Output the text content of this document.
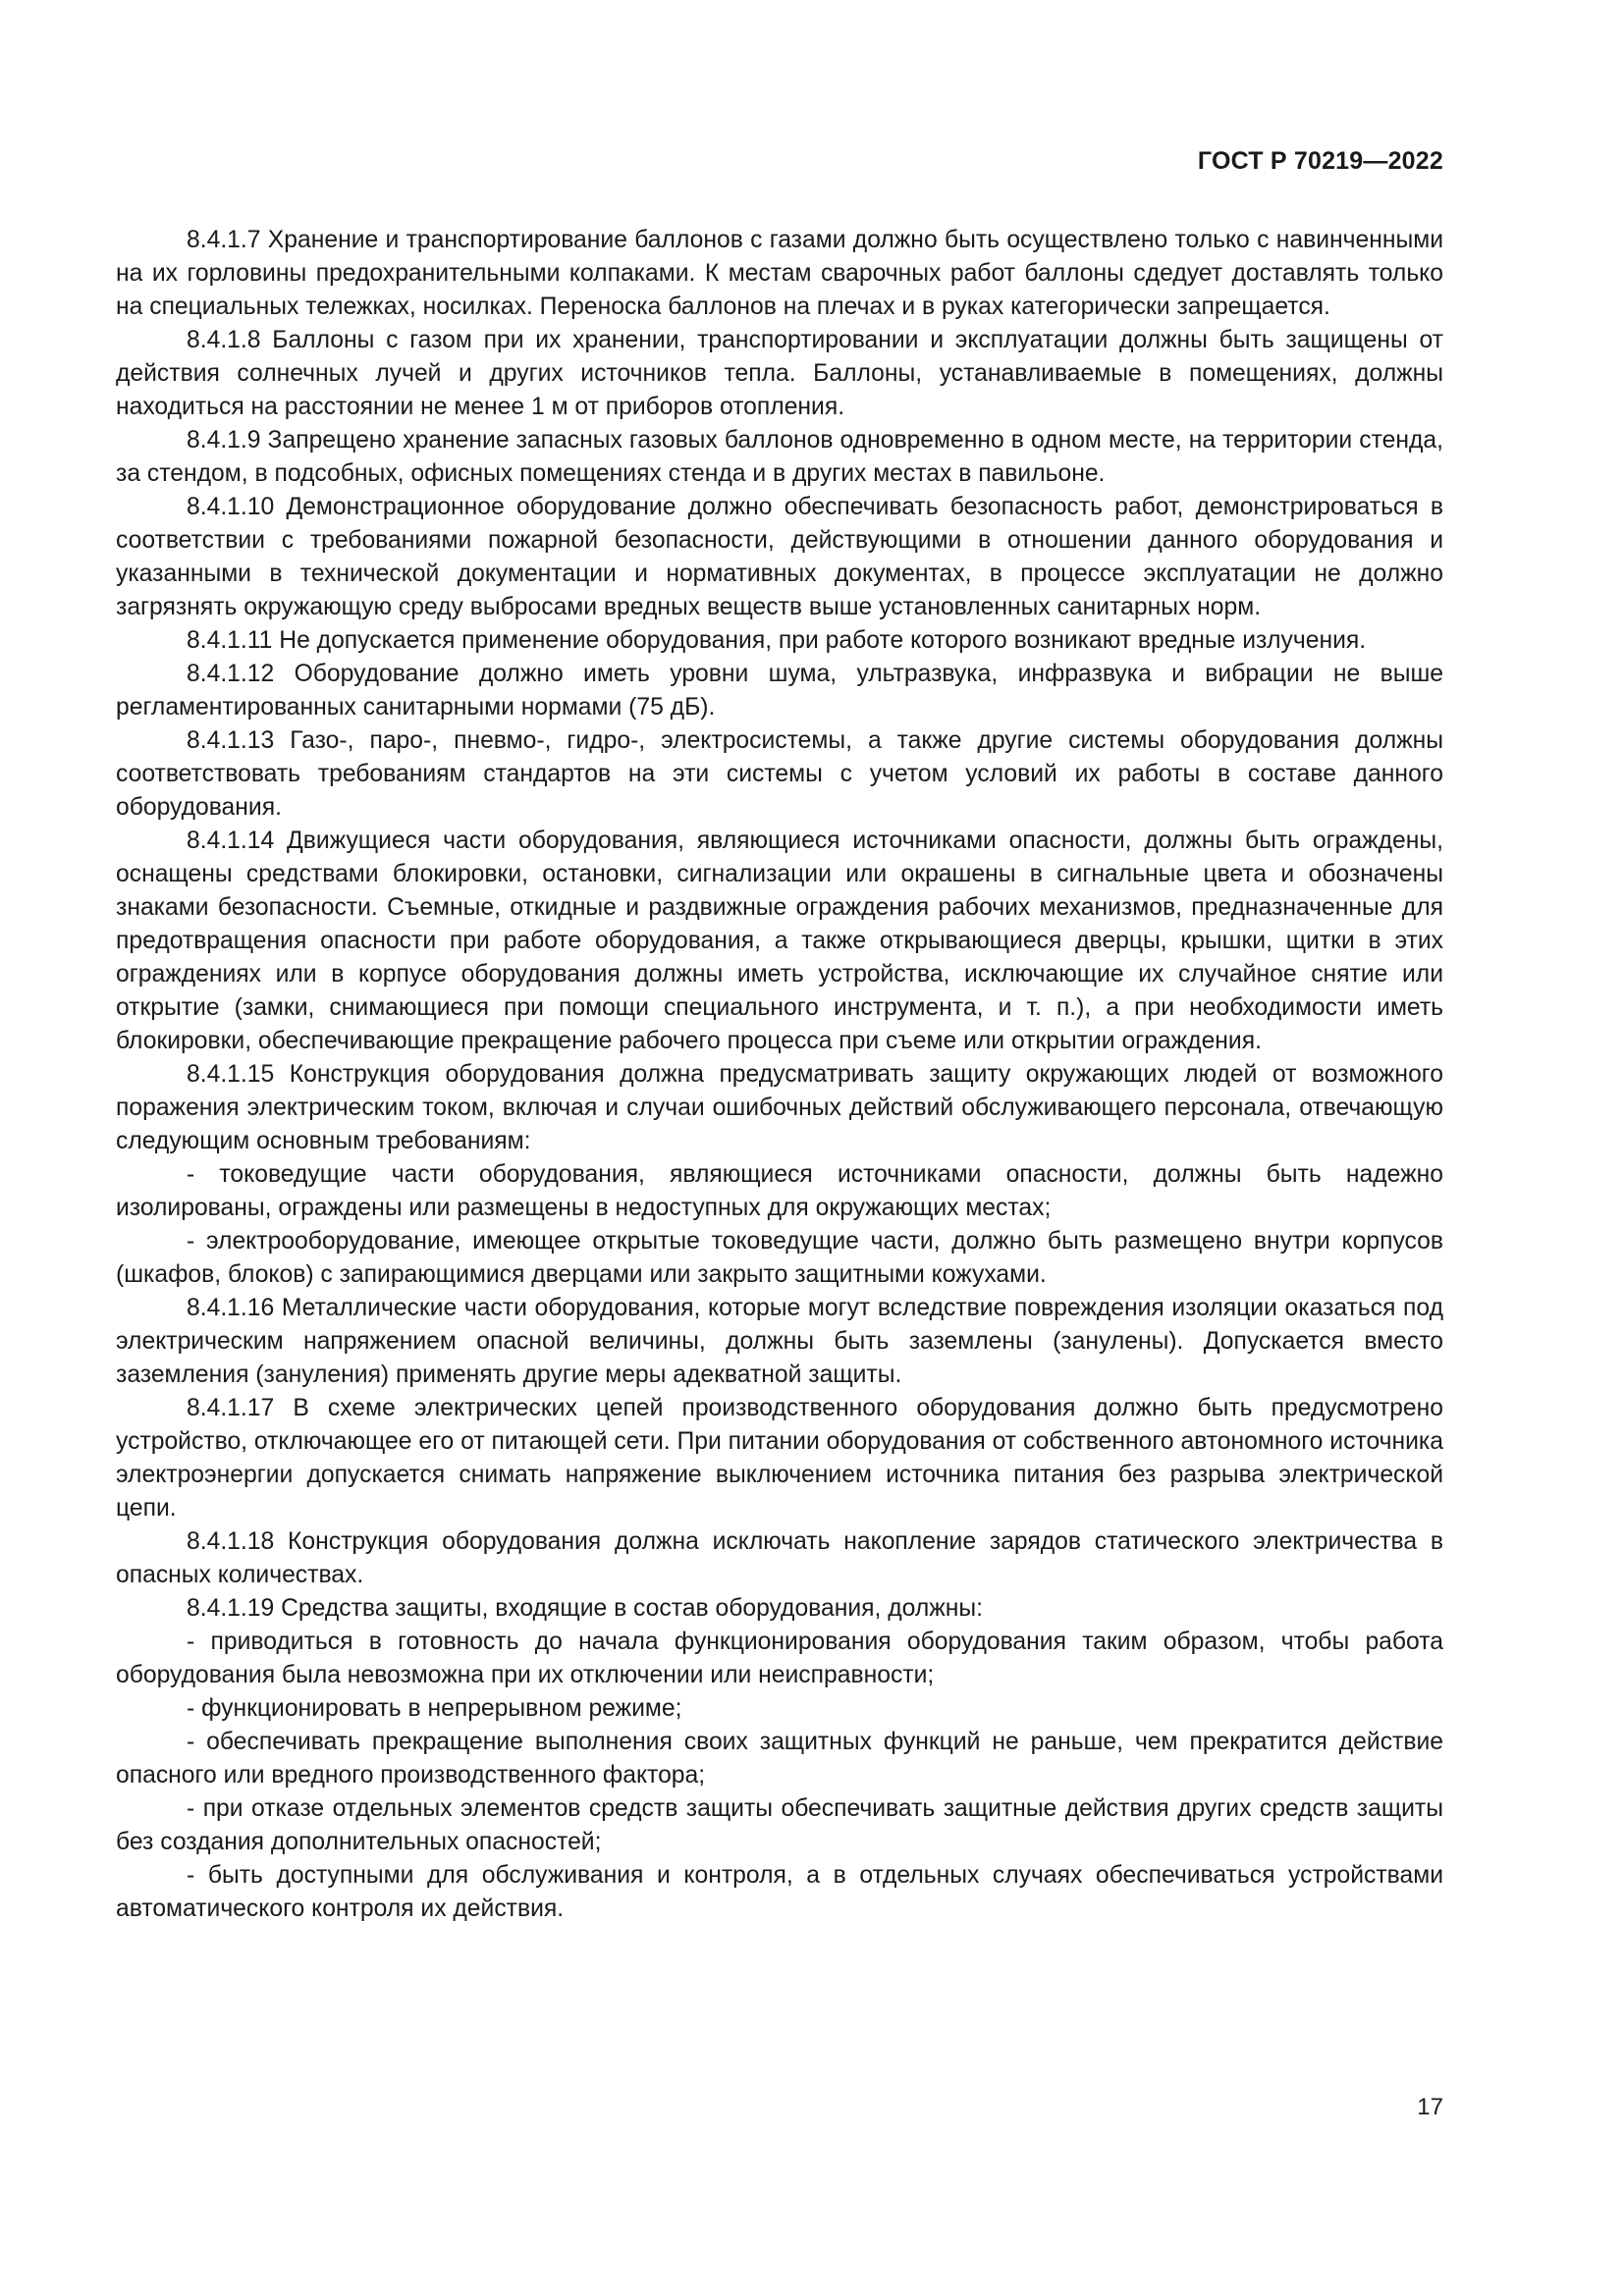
ГОСТ Р 70219—2022

8.4.1.7 Хранение и транспортирование баллонов с газами должно быть осуществлено только с навинченными на их горловины предохранительными колпаками. К местам сварочных работ баллоны сдедует доставлять только на специальных тележках, носилках. Переноска баллонов на плечах и в руках категорически запрещается.

8.4.1.8 Баллоны с газом при их хранении, транспортировании и эксплуатации должны быть защищены от действия солнечных лучей и других источников тепла. Баллоны, устанавливаемые в помещениях, должны находиться на расстоянии не менее 1 м от приборов отопления.

8.4.1.9 Запрещено хранение запасных газовых баллонов одновременно в одном месте, на территории стенда, за стендом, в подсобных, офисных помещениях стенда и в других местах в павильоне.

8.4.1.10 Демонстрационное оборудование должно обеспечивать безопасность работ, демонстрироваться в соответствии с требованиями пожарной безопасности, действующими в отношении данного оборудования и указанными в технической документации и нормативных документах, в процессе эксплуатации не должно загрязнять окружающую среду выбросами вредных веществ выше установленных санитарных норм.

8.4.1.11 Не допускается применение оборудования, при работе которого возникают вредные излучения.

8.4.1.12 Оборудование должно иметь уровни шума, ультразвука, инфразвука и вибрации не выше регламентированных санитарными нормами (75 дБ).

8.4.1.13 Газо-, паро-, пневмо-, гидро-, электросистемы, а также другие системы оборудования должны соответствовать требованиям стандартов на эти системы с учетом условий их работы в составе данного оборудования.

8.4.1.14 Движущиеся части оборудования, являющиеся источниками опасности, должны быть ограждены, оснащены средствами блокировки, остановки, сигнализации или окрашены в сигнальные цвета и обозначены знаками безопасности. Съемные, откидные и раздвижные ограждения рабочих механизмов, предназначенные для предотвращения опасности при работе оборудования, а также открывающиеся дверцы, крышки, щитки в этих ограждениях или в корпусе оборудования должны иметь устройства, исключающие их случайное снятие или открытие (замки, снимающиеся при помощи специального инструмента, и т. п.), а при необходимости иметь блокировки, обеспечивающие прекращение рабочего процесса при съеме или открытии ограждения.

8.4.1.15 Конструкция оборудования должна предусматривать защиту окружающих людей от возможного поражения электрическим током, включая и случаи ошибочных действий обслуживающего персонала, отвечающую следующим основным требованиям:

- токоведущие части оборудования, являющиеся источниками опасности, должны быть надежно изолированы, ограждены или размещены в недоступных для окружающих местах;

- электрооборудование, имеющее открытые токоведущие части, должно быть размещено внутри корпусов (шкафов, блоков) с запирающимися дверцами или закрыто защитными кожухами.

8.4.1.16 Металлические части оборудования, которые могут вследствие повреждения изоляции оказаться под электрическим напряжением опасной величины, должны быть заземлены (занулены). Допускается вместо заземления (зануления) применять другие меры адекватной защиты.

8.4.1.17 В схеме электрических цепей производственного оборудования должно быть предусмотрено устройство, отключающее его от питающей сети. При питании оборудования от собственного автономного источника электроэнергии допускается снимать напряжение выключением источника питания без разрыва электрической цепи.

8.4.1.18 Конструкция оборудования должна исключать накопление зарядов статического электричества в опасных количествах.

8.4.1.19 Средства защиты, входящие в состав оборудования, должны:

- приводиться в готовность до начала функционирования оборудования таким образом, чтобы работа оборудования была невозможна при их отключении или неисправности;

- функционировать в непрерывном режиме;

- обеспечивать прекращение выполнения своих защитных функций не раньше, чем прекратится действие опасного или вредного производственного фактора;

- при отказе отдельных элементов средств защиты обеспечивать защитные действия других средств защиты без создания дополнительных опасностей;

- быть доступными для обслуживания и контроля, а в отдельных случаях обеспечиваться устройствами автоматического контроля их действия.

17
